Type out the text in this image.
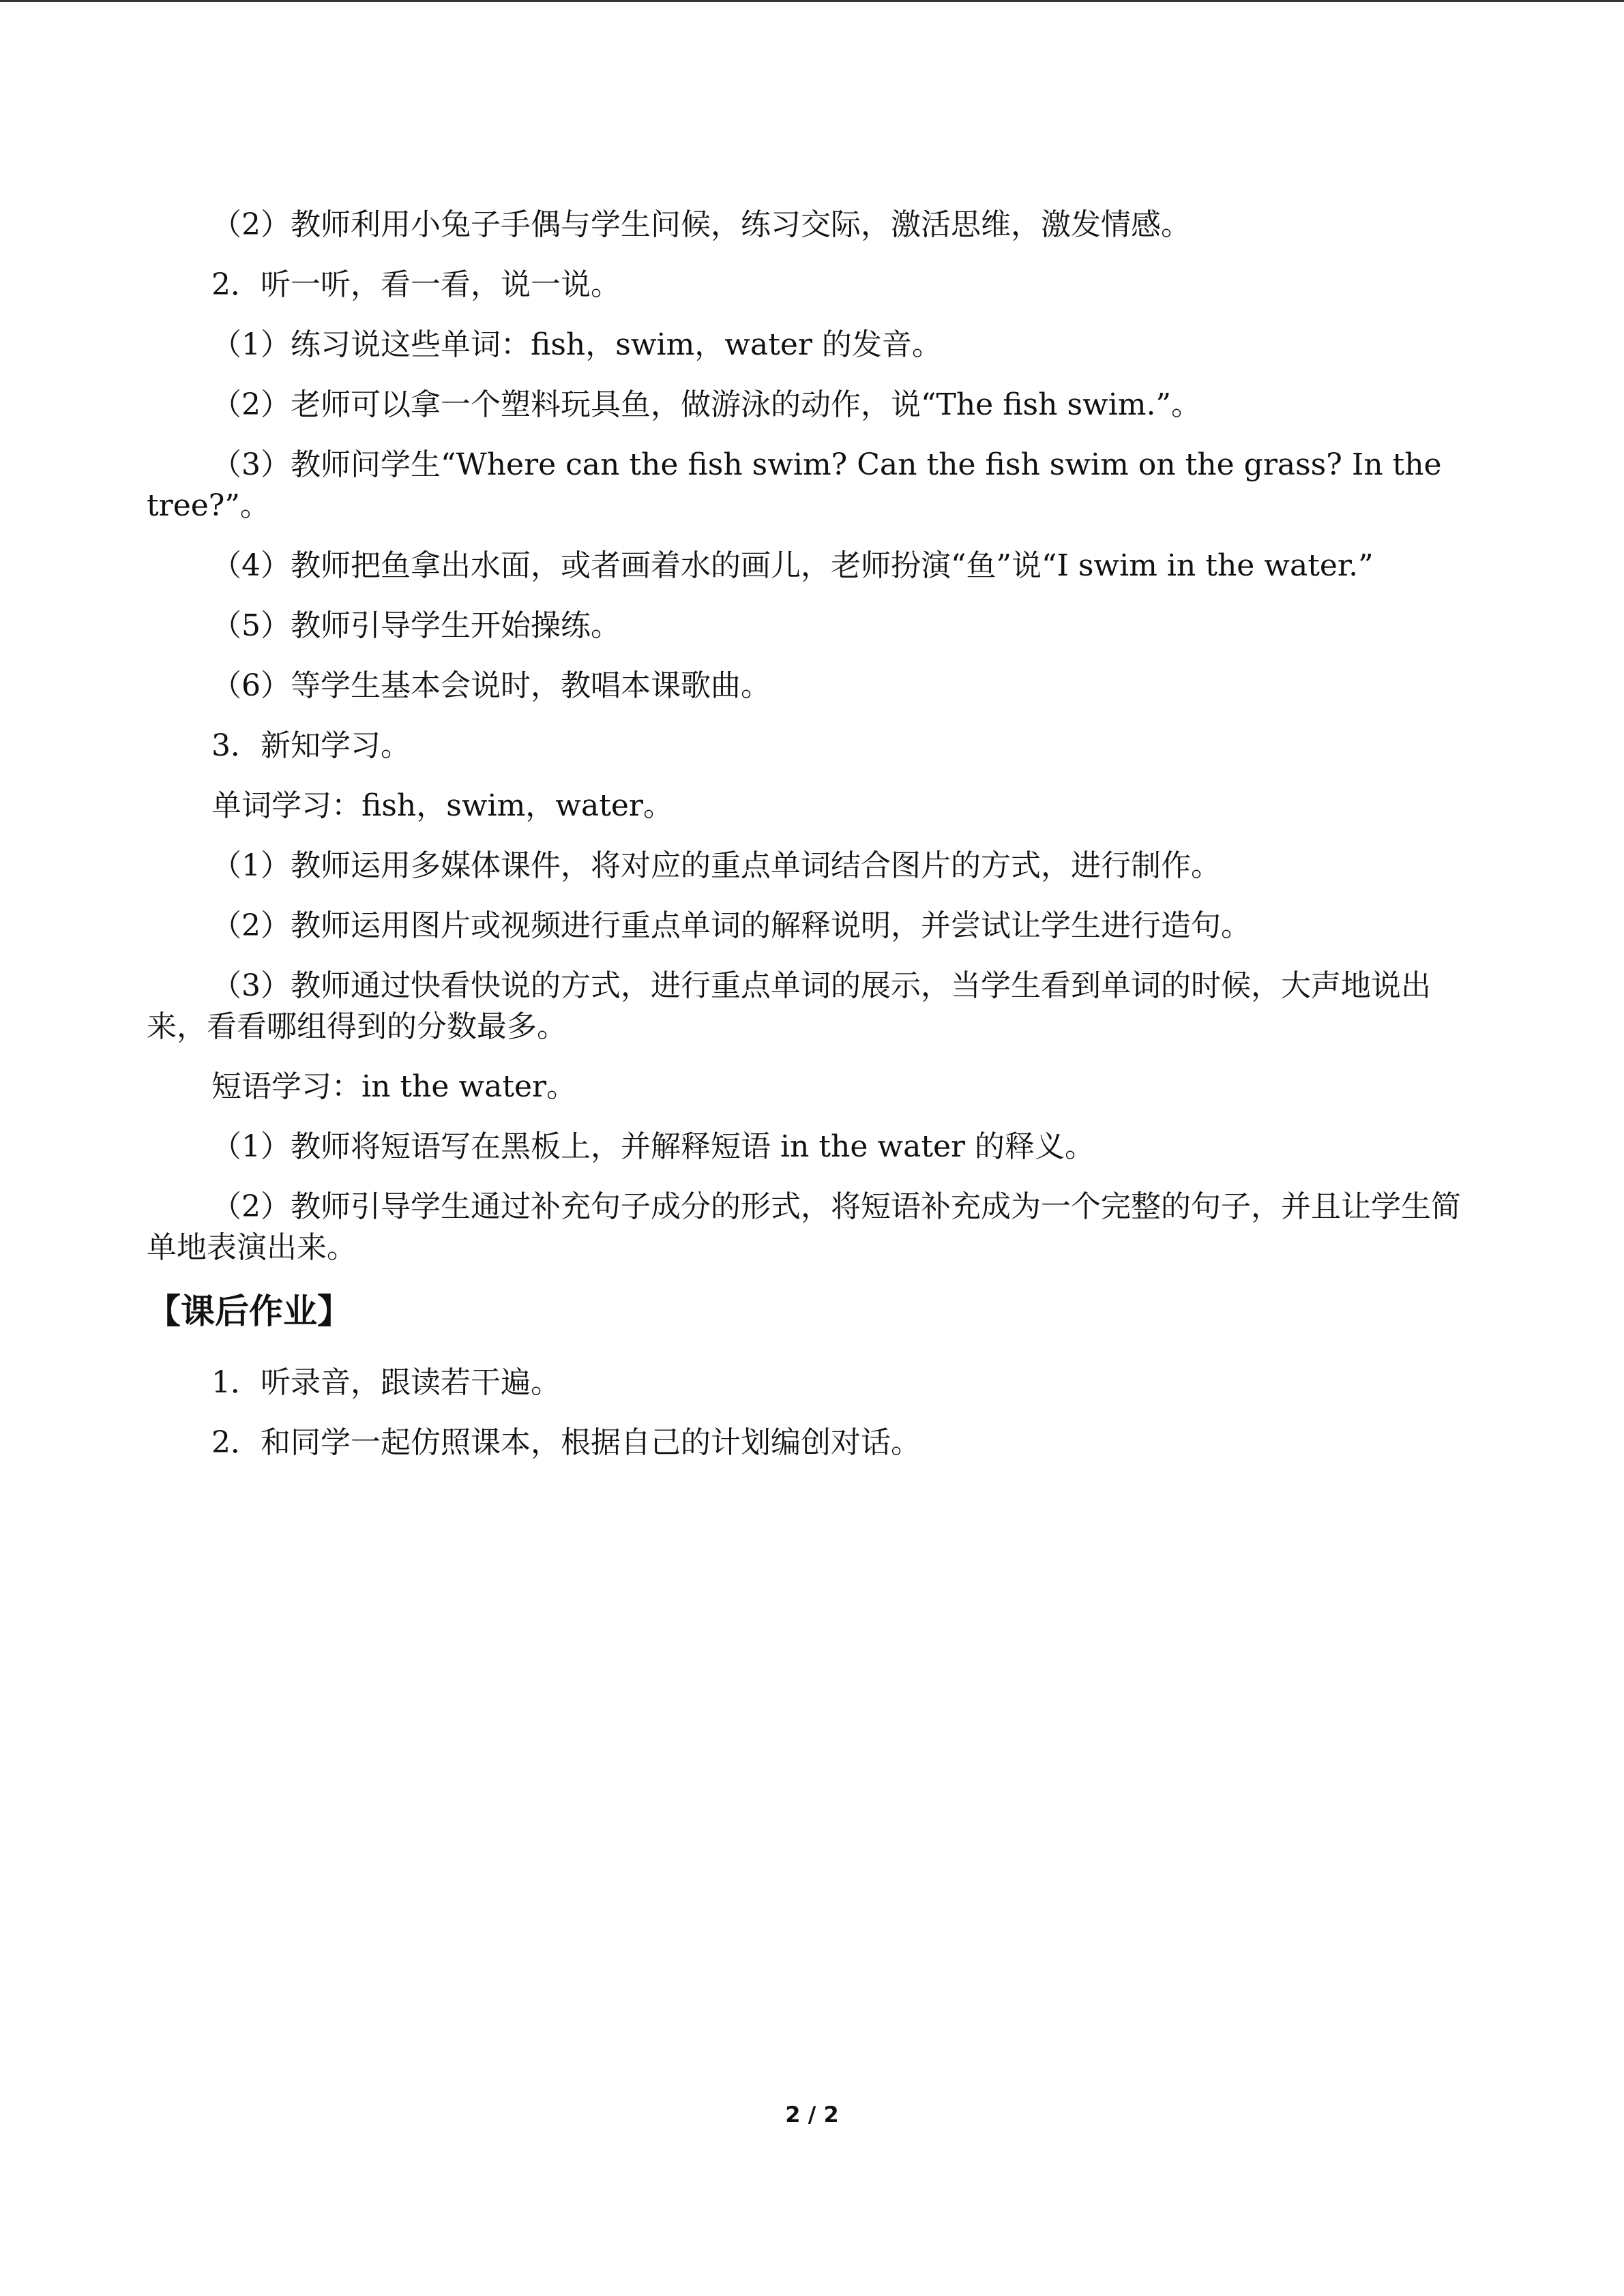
（2）教师利用小兔子手偶与学生问候，练习交际，激活思维，激发情感。
2．听一听，看一看，说一说。
（1）练习说这些单词：fish，swim，water 的发音。
（2）老师可以拿一个塑料玩具鱼，做游泳的动作，说“The fish swim.”。
（3）教师问学生“Where can the fish swim? Can the fish swim on the grass? In the tree?”。
（4）教师把鱼拿出水面，或者画着水的画儿，老师扮演“鱼”说“I swim in the water.”
（5）教师引导学生开始操练。
（6）等学生基本会说时，教唱本课歌曲。
3．新知学习。
单词学习：fish，swim，water。
（1）教师运用多媒体课件，将对应的重点单词结合图片的方式，进行制作。
（2）教师运用图片或视频进行重点单词的解释说明，并尝试让学生进行造句。
（3）教师通过快看快说的方式，进行重点单词的展示，当学生看到单词的时候，大声地说出来，看看哪组得到的分数最多。
短语学习：in the water。
（1）教师将短语写在黑板上，并解释短语 in the water 的释义。
（2）教师引导学生通过补充句子成分的形式，将短语补充成为一个完整的句子，并且让学生简单地表演出来。
【课后作业】
1．听录音，跟读若干遍。
2．和同学一起仿照课本，根据自己的计划编创对话。
2 / 2
